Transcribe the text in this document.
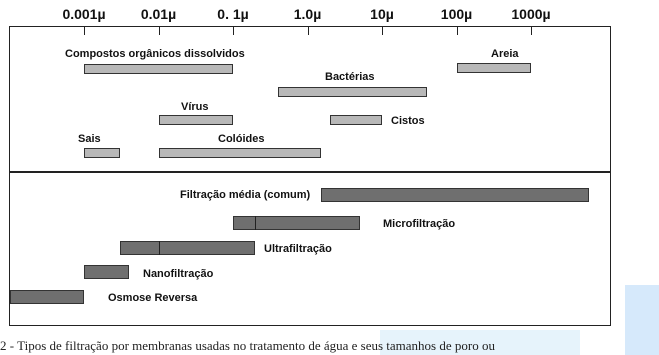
0.001µ	0.01µ	0. 1µ	1.0µ	10µ	100µ	1000µ
Compostos orgânicos dissolvidos	Areia
Bactérias
Vírus
Cistos
Sais	Colóides
Filtração média (comum)
Microfiltração
Ultrafiltração
Nanofiltração
Osmose Reversa
2 - Tipos de filtração por membranas usadas no tratamento de água e seus tamanhos de poro ou
